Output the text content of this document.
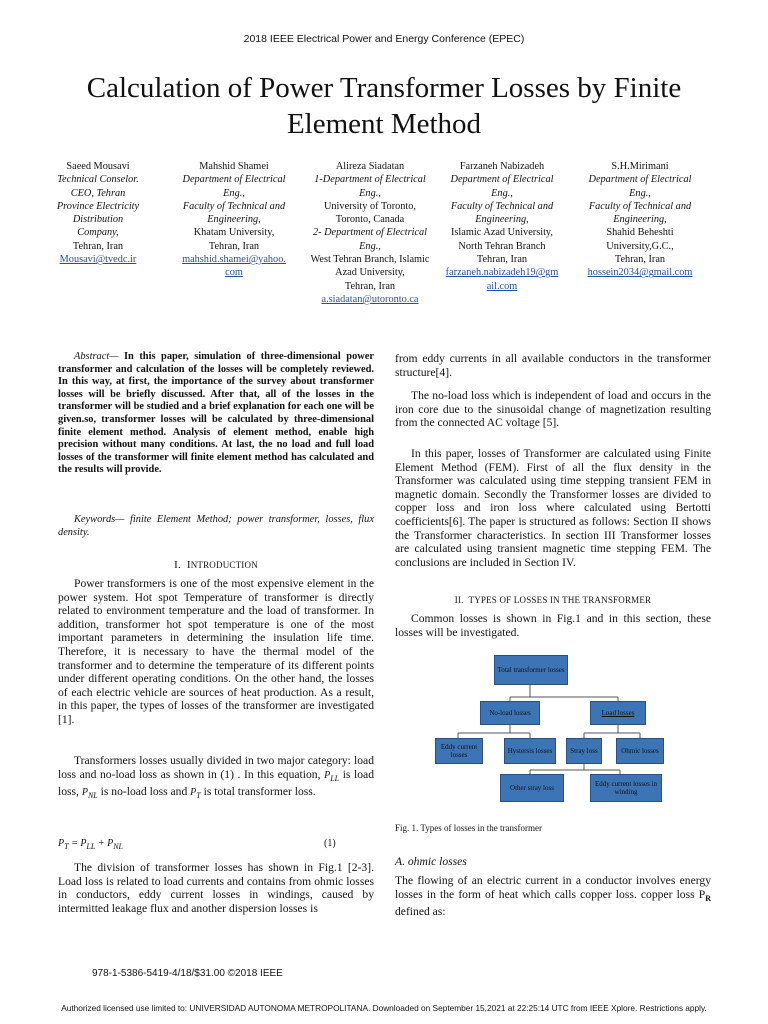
2018 IEEE Electrical Power and Energy Conference (EPEC)
Calculation of Power Transformer Losses by Finite
Element Method
Saeed Mousavi
Technical Conselor.
CEO, Tehran
Province Electricity
Distribution
Company,
Tehran, Iran
Mousavi@tvedc.ir
Mahshid Shamei
Department of Electrical
Eng.,
Faculty of Technical and
Engineering,
Khatam University,
Tehran, Iran
mahshid.shamei@yahoo.
com
Alireza Siadatan
1-Department of Electrical
Eng.,
University of Toronto,
Toronto, Canada
2- Department of Electrical
Eng.,
West Tehran Branch, Islamic
Azad University,
Tehran, Iran
a.siadatan@utoronto.ca
Farzaneh Nabizadeh
Department of Electrical
Eng.,
Faculty of Technical and
Engineering,
Islamic Azad University,
North Tehran Branch
Tehran, Iran
farzaneh.nabizadeh19@gm
ail.com
S.H.Mirimani
Department of Electrical
Eng.,
Faculty of Technical and
Engineering,
Shahid Beheshti
University,G.C.,
Tehran, Iran
hossein2034@gmail.com

Abstract— In this paper, simulation of three-dimensional power transformer and calculation of the losses will be completely reviewed. In this way, at first, the importance of the survey about transformer losses will be briefly discussed. After that, all of the losses in the transformer will be studied and a brief explanation for each one will be given.so, transformer losses will be calculated by three-dimensional finite element method. Analysis of element method, enable high precision without many conditions. At last, the no load and full load losses of the transformer will finite element method has calculated and the results will provide.

Keywords— finite Element Method; power transformer, losses, flux density.

I. INTRODUCTION

Power transformers is one of the most expensive element in the power system. Hot spot Temperature of transformer is directly related to environment temperature and the load of transformer. In addition, transformer hot spot temperature is one of the most important parameters in determining the insulation life time. Therefore, it is necessary to have the thermal model of the transformer and to determine the temperature of its different points under different operating conditions. On the other hand, the losses of each electric vehicle are sources of heat production. As a result, in this paper, the types of losses of the transformer are investigated [1].

Transformers losses usually divided in two major category: load loss and no-load loss as shown in (1) . In this equation, $P_{LL}$ is load loss, $P_{NL}$ is no-load loss and $P_T$ is total transformer loss.

$P_T = P_{LL} + P_{NL}$	(1)

The division of transformer losses has shown in Fig.1 [2-3]. Load loss is related to load currents and contains from ohmic losses in conductors, eddy current losses in windings, caused by intermitted leakage flux and another dispersion losses is

from eddy currents in all available conductors in the transformer structure[4].

The no-load loss which is independent of load and occurs in the iron core due to the sinusoidal change of magnetization resulting from the connected AC voltage [5].

In this paper, losses of Transformer are calculated using Finite Element Method (FEM). First of all the flux density in the Transformer was calculated using time stepping transient FEM in magnetic domain. Secondly the Transformer losses are divided to copper loss and iron loss where calculated using Bertotti coefficients[6]. The paper is structured as follows: Section II shows the Transformer characteristics. In section III Transformer losses are calculated using transient magnetic time stepping FEM. The conclusions are included in Section IV.

II. TYPES OF LOSSES IN THE TRANSFORMER

Common losses is shown in Fig.1 and in this section, these losses will be investigated.

Total transformer losses
No-load losses	Load losses
Eddy current losses	Hystersis losses	Stray loss	Ohmic losses
Other stray loss	Eddy current losses in winding
Fig. 1. Types of losses in the transformer
A. ohmic losses

The flowing of an electric current in a conductor involves energy losses in the form of heat which calls copper loss. copper loss $P_R$ defined as:

978-1-5386-5419-4/18/$31.00 ©2018 IEEE
Authorized licensed use limited to: UNIVERSIDAD AUTONOMA METROPOLITANA. Downloaded on September 15,2021 at 22:25:14 UTC from IEEE Xplore. Restrictions apply.
